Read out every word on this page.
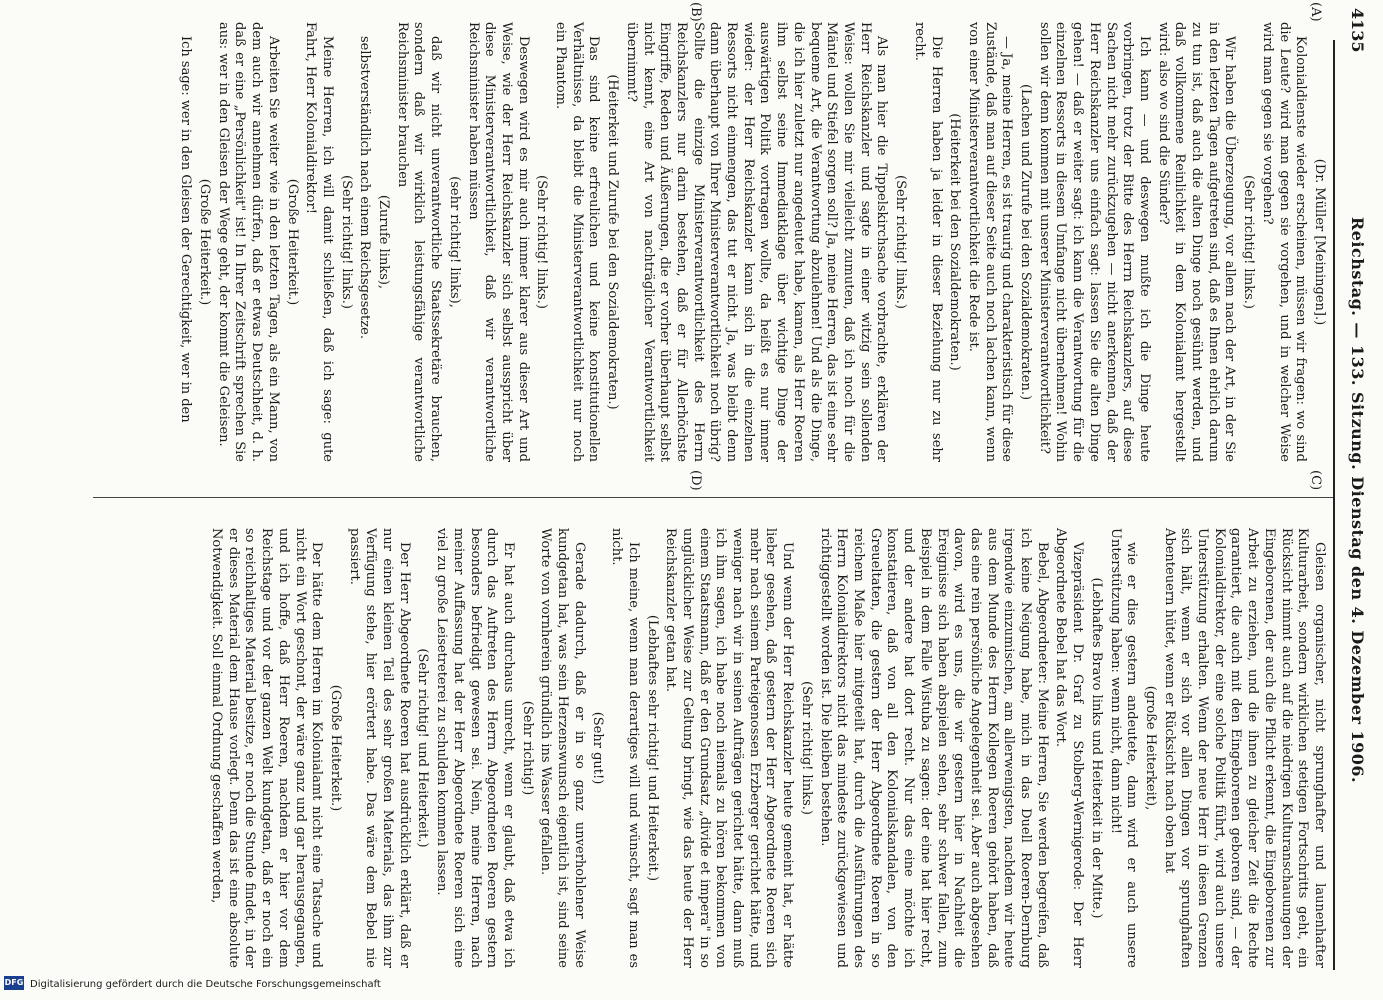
4135
Reichstag. — 133. Sitzung. Dienstag den 4. Dezember 1906.
(A)
(B)
(C)
(D)

(Dr. Müller [Meiningen].)

Kolonialdienste wieder erscheinen, müssen wir fragen: wo sind die Leute? wird man gegen sie vorgehen, und in welcher Weise wird man gegen sie vorgehen?

(Sehr richtig! links.)

Wir haben die Überzeugung, vor allem nach der Art, in der Sie in den letzten Tagen aufgetreten sind, daß es Ihnen ehrlich darum zu tun ist, daß auch die alten Dinge noch gesühnt werden, und daß vollkommene Reinlichkeit in dem Kolonialamt hergestellt wird: also wo sind die Sünder?

Ich kann — und deswegen mußte ich die Dinge heute vorbringen, trotz der Bitte des Herrn Reichskanzlers, auf diese Sachen nicht mehr zurückzugehen — nicht anerkennen, daß der Herr Reichskanzler uns einfach sagt: lassen Sie die alten Dinge gehen! — daß er weiter sagt: ich kann die Verantwortung für die einzelnen Ressorts in diesem Umfange nicht übernehmen! Wohin sollen wir denn kommen mit unserer Ministerverantwortlichkeit?

(Lachen und Zurufe bei den Sozialdemokraten.)

— Ja, meine Herren, es ist traurig und charakteristisch für diese Zustände, daß man auf dieser Seite auch noch lachen kann, wenn von einer Ministerverantwortlichkeit die Rede ist.

(Heiterkeit bei den Sozialdemokraten.)

Die Herren haben ja leider in dieser Beziehung nur zu sehr recht.

(Sehr richtig! links.)

Als man hier die Tippelskirchsache vorbrachte, erklären der Herr Reichskanzler und sagte in einer witzig sein sollenden Weise: wollen Sie mir vielleicht zumuten, daß ich noch für die Mäntel und Stiefel sorgen soll? Ja, meine Herren, das ist eine sehr bequeme Art, die Verantwortung abzulehnen! Und als die Dinge, die ich hier zuletzt nur angedeutet habe, kamen, als Herr Roeren ihm selbst seine Immediatklage über wichtige Dinge der auswärtigen Politik vortragen wollte, da heißt es nur immer wieder: der Herr Reichskanzler kann sich in die einzelnen Ressorts nicht einmengen, das tut er nicht. Ja, was bleibt denn dann überhaupt von Ihrer Ministerverantwortlichkeit noch übrig? Sollte die einzige Ministerverantwortlichkeit des Herrn Reichskanzlers nur darin bestehen, daß er für Allerhöchste Eingriffe, Reden und Äußerungen, die er vorher überhaupt selbst nicht kennt, eine Art von nachträglicher Verantwortlichkeit übernimmt?

(Heiterkeit und Zurufe bei den Sozialdemokraten.)

Das sind keine erfreulichen und keine konstitutionellen Verhältnisse, da bleibt die Ministerverantwortlichkeit nur noch ein Phantom.

(Sehr richtig! links.)

Deswegen wird es mir auch immer klarer aus dieser Art und Weise, wie der Herr Reichskanzler sich selbst ausspricht über diese Ministerverantwortlichkeit, daß wir verantwortliche Reichsminister haben müssen

(sehr richtig! links),

daß wir nicht unverantwortliche Staatssekretäre brauchen, sondern daß wir wirklich leistungsfähige verantwortliche Reichsminister brauchen

(Zurufe links),

selbstverständlich nach einem Reichsgesetze.

(Sehr richtig! links.)

Meine Herren, ich will damit schließen, daß ich sage: gute Fahrt, Herr Kolonialdirektor!

(Große Heiterkeit.)

Arbeiten Sie weiter wie in den letzten Tagen, als ein Mann, von dem auch wir annehmen dürfen, daß er etwas Deutschheit, d. h. daß er eine „Persönlichkeit" ist! In Ihrer Zeitschrift sprechen Sie aus: wer in den Gleisen der Wege geht, der kommt die Geleisen.

(Große Heiterkeit.)

Ich sage: wer in den Gleisen der Gerechtigkeit, wer in den

Gleisen organischer, nicht sprunghafter und launenhafter Kulturarbeit, sondern wirklichen stetigen Fortschritts geht, ein Rücksicht nimmt auch auf die niedrigen Kulturanschauungen der Eingeborenen, der auch die Pflicht erkennt, die Eingeborenen zur Arbeit zu erziehen, und die ihnen zu gleicher Zeit die Rechte garantiert, die auch mit den Eingeborenen geboren sind, — der Kolonialdirektor, der eine solche Politik führt, wird auch unsere Unterstützung erhalten. Wenn der neue Herr in diesen Grenzen sich hält, wenn er sich vor allen Dingen vor sprunghaften Abenteuern hütet, wenn er Rücksicht nach oben hat

(große Heiterkeit),

wie er dies gestern andeutete, dann wird er auch unsere Unterstützung haben: wenn nicht, dann nicht!

(Lebhaftes Bravo links und Heiterkeit in der Mitte.)

Vizepräsident Dr. Graf zu Stolberg-Wernigerode: Der Herr Abgeordnete Bebel hat das Wort.

Bebel, Abgeordneter: Meine Herren, Sie werden begreifen, daß ich keine Neigung habe, mich in das Duell Roeren-Dernburg irgendwie einzumischen, am allerwenigsten, nachdem wir heute aus dem Munde des Herrn Kollegen Roeren gehört haben, daß das eine rein persönliche Angelegenheit sei. Aber auch abgesehen davon, wird es uns, die wir gestern hier in Nachheit die Ereignisse sich haben abspielen sehen, sehr schwer fallen, zum Beispiel in dem Falle Wistuba zu sagen: der eine hat hier recht, und der andere hat dort recht. Nur das eine möchte ich konstatieren, daß von all den Kolonialskandalen, von den Greueltaten, die gestern der Herr Abgeordnete Roeren in so reichem Maße hier mitgeteilt hat, durch die Ausführungen des Herrn Kolonialdirektors nicht das mindeste zurückgewiesen und richtiggestellt worden ist. Die bleiben bestehen.

(Sehr richtig! links.)

Und wenn der Herr Reichskanzler heute gemeint hat, er hätte lieber gesehen, daß gestern der Herr Abgeordnete Roeren sich mehr nach seinem Parteigenossen Erzberger gerichtet hätte, und weniger nach wir in seinen Aufträgen gerichtet hätte, dann muß ich ihm sagen, ich habe noch niemals zu hören bekommen von einem Staatsmann, daß er den Grundsatz „divide et impera" in so unglücklicher Weise zur Geltung bringt, wie das heute der Herr Reichskanzler getan hat.

(Lebhaftes sehr richtig! und Heiterkeit.)

Ich meine, wenn man derartiges will und wünscht, sagt man es nicht.

(Sehr gut!)

Gerade dadurch, daß er in so ganz unverhohlener Weise kundgetan hat, was sein Herzenswunsch eigentlich ist, sind seine Worte von vornherein gründlich ins Wasser gefallen.

(Sehr richtig!)

Er hat auch durchaus unrecht, wenn er glaubt, daß etwa ich durch das Auftreten des Herrn Abgeordneten Roeren gestern besonders befriedigt gewesen sei. Nein, meine Herren, nach meiner Auffassung hat der Herr Abgeordnete Roeren sich eine viel zu große Leisetreterei zu schulden kommen lassen.

(Sehr richtig! und Heiterkeit.)

Der Herr Abgeordnete Roeren hat ausdrücklich erklärt, daß er nur einen kleinen Teil des sehr großen Materials, das ihm zur Verfügung stehe, hier erörtert habe. Das wäre dem Bebel nie passiert.

(Große Heiterkeit.)

Der hätte dem Herren im Kolonialamt nicht eine Tatsache und nicht ein Wort geschont, der wäre ganz und gar herausgegangen, und ich hoffe, daß Herr Roeren, nachdem er hier vor dem Reichstage und vor der ganzen Welt kundgetan, daß er noch ein so reichhaltiges Material besitze, er noch die Stunde findet, in der er dieses Material dem Hause vorlegt. Denn das ist eine absolute Notwendigkeit. Soll einmal Ordnung geschaffen werden,

DFG Digitalisierung gefördert durch die Deutsche Forschungsgemeinschaft
